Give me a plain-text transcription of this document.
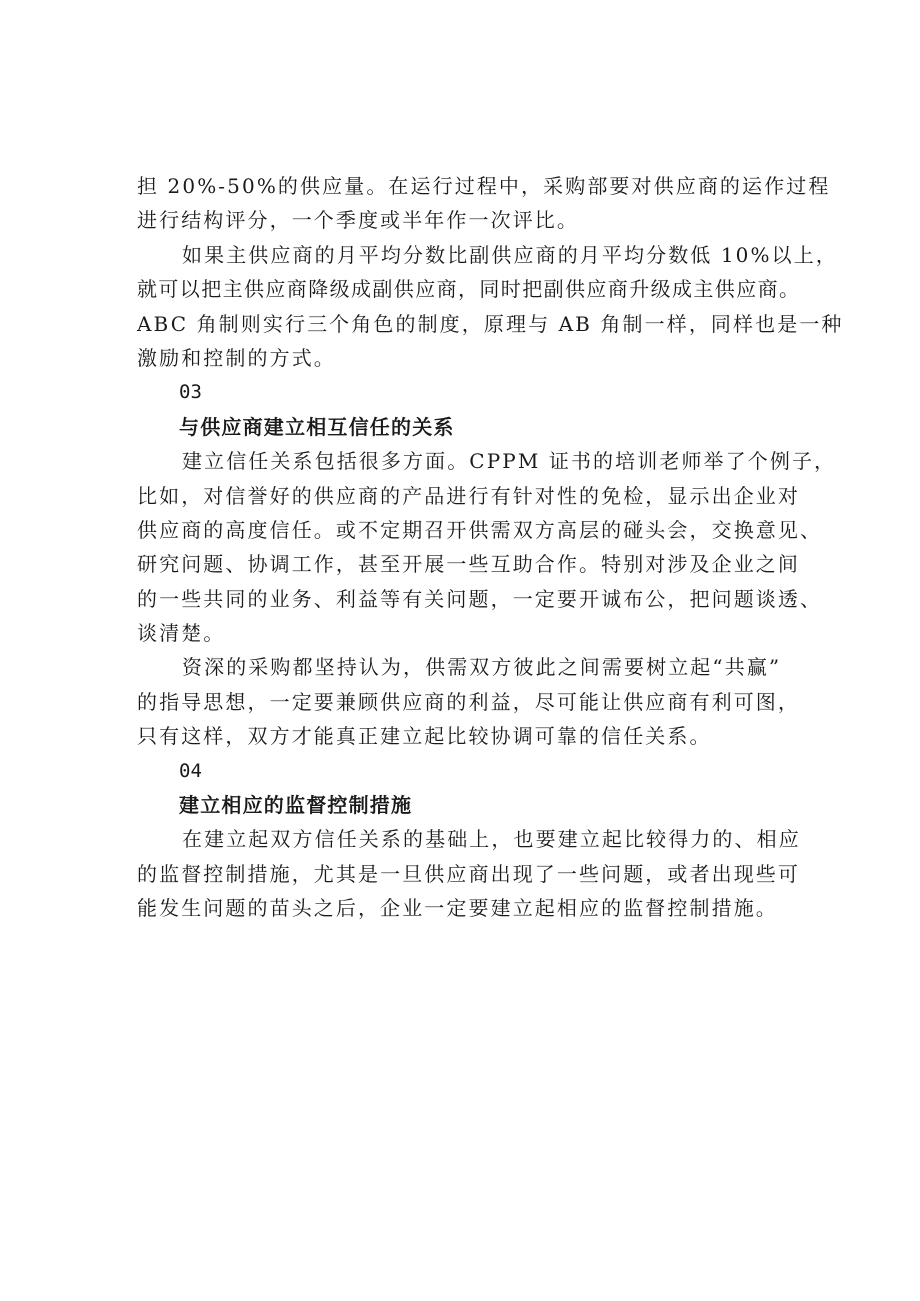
担 20%-50%的供应量。在运行过程中，采购部要对供应商的运作过程
进行结构评分，一个季度或半年作一次评比。
如果主供应商的月平均分数比副供应商的月平均分数低 10%以上，
就可以把主供应商降级成副供应商，同时把副供应商升级成主供应商。
ABC 角制则实行三个角色的制度，原理与 AB 角制一样，同样也是一种
激励和控制的方式。
03
与供应商建立相互信任的关系
建立信任关系包括很多方面。CPPM 证书的培训老师举了个例子，
比如，对信誉好的供应商的产品进行有针对性的免检，显示出企业对
供应商的高度信任。或不定期召开供需双方高层的碰头会，交换意见、
研究问题、协调工作，甚至开展一些互助合作。特别对涉及企业之间
的一些共同的业务、利益等有关问题，一定要开诚布公，把问题谈透、
谈清楚。
资深的采购都坚持认为，供需双方彼此之间需要树立起“共赢”
的指导思想，一定要兼顾供应商的利益，尽可能让供应商有利可图，
只有这样，双方才能真正建立起比较协调可靠的信任关系。
04
建立相应的监督控制措施
在建立起双方信任关系的基础上，也要建立起比较得力的、相应
的监督控制措施，尤其是一旦供应商出现了一些问题，或者出现些可
能发生问题的苗头之后，企业一定要建立起相应的监督控制措施。
